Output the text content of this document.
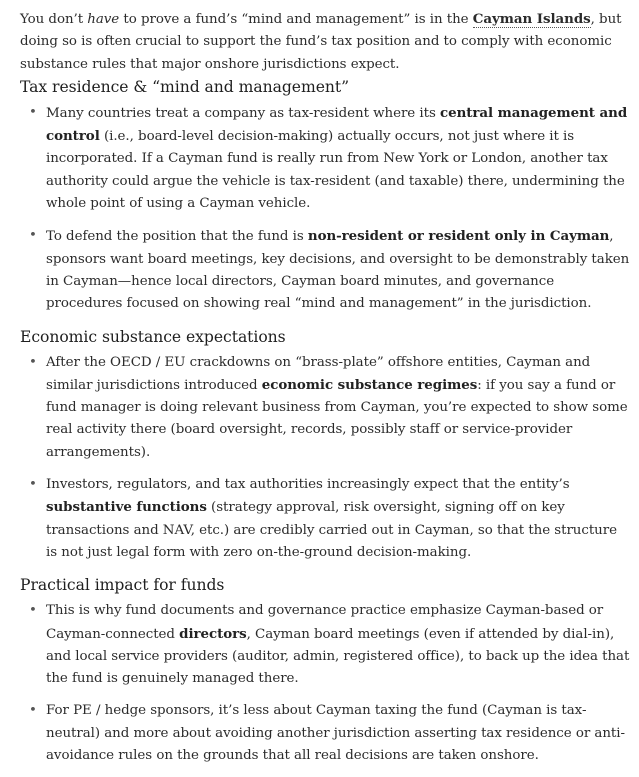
You don’t have to prove a fund’s “mind and management” is in the Cayman Islands, but doing so is often crucial to support the fund’s tax position and to comply with economic substance rules that major onshore jurisdictions expect.

Tax residence & “mind and management”
• Many countries treat a company as tax-resident where its central management and control (i.e., board-level decision-making) actually occurs, not just where it is incorporated. If a Cayman fund is really run from New York or London, another tax authority could argue the vehicle is tax-resident (and taxable) there, undermining the whole point of using a Cayman vehicle.
• To defend the position that the fund is non-resident or resident only in Cayman, sponsors want board meetings, key decisions, and oversight to be demonstrably taken in Cayman—hence local directors, Cayman board minutes, and governance procedures focused on showing real “mind and management” in the jurisdiction.
Economic substance expectations
• After the OECD / EU crackdowns on “brass-plate” offshore entities, Cayman and similar jurisdictions introduced economic substance regimes: if you say a fund or fund manager is doing relevant business from Cayman, you’re expected to show some real activity there (board oversight, records, possibly staff or service-provider arrangements).
• Investors, regulators, and tax authorities increasingly expect that the entity’s substantive functions (strategy approval, risk oversight, signing off on key transactions and NAV, etc.) are credibly carried out in Cayman, so that the structure is not just legal form with zero on-the-ground decision-making.
Practical impact for funds
• This is why fund documents and governance practice emphasize Cayman-based or Cayman-connected directors, Cayman board meetings (even if attended by dial-in), and local service providers (auditor, admin, registered office), to back up the idea that the fund is genuinely managed there.
• For PE / hedge sponsors, it’s less about Cayman taxing the fund (Cayman is tax-neutral) and more about avoiding another jurisdiction asserting tax residence or anti-avoidance rules on the grounds that all real decisions are taken onshore.
